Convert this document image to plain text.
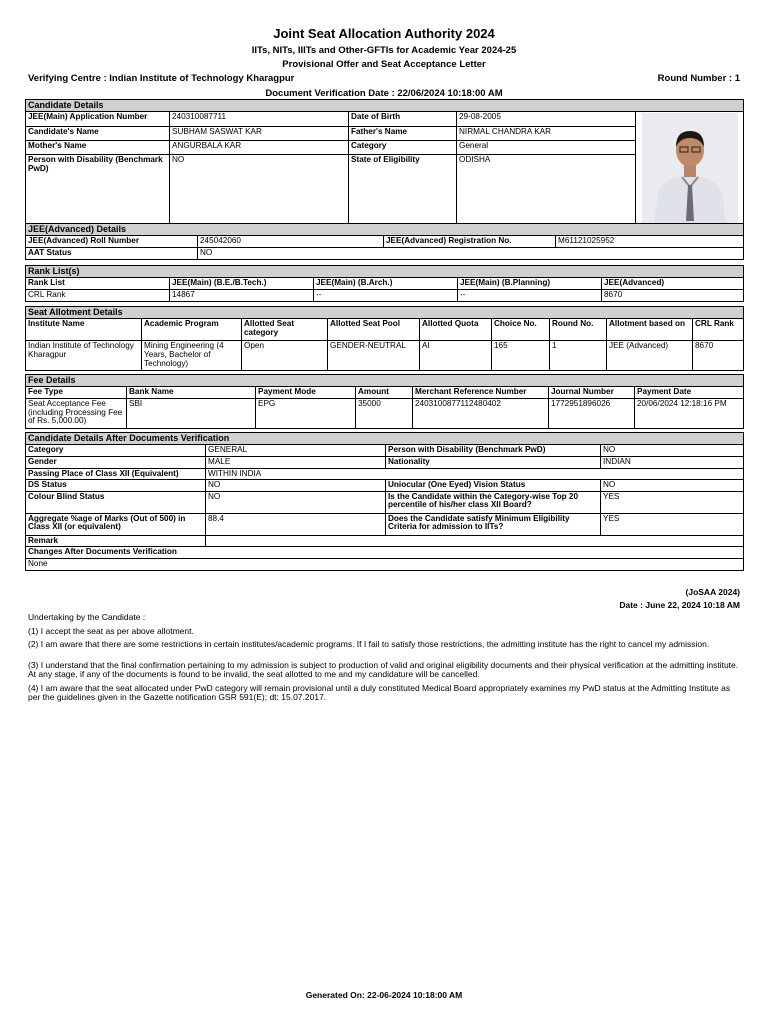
Joint Seat Allocation Authority 2024
IITs, NITs, IIITs and Other-GFTIs for Academic Year 2024-25
Provisional Offer and Seat Acceptance Letter
Verifying Centre : Indian Institute of Technology Kharagpur	Round Number : 1
Document Verification Date : 22/06/2024 10:18:00 AM
Candidate Details				
JEE(Main) Application Number	240310087711	Date of Birth	29-08-2005	

Candidate's Name	SUBHAM SASWAT KAR	Father's Name	NIRMAL CHANDRA KAR	
Mother's Name	ANGURBALA KAR	Category	General	
Person with Disability (Benchmark PwD)	NO	State of Eligibility	ODISHA	
JEE(Advanced) Details			
JEE(Advanced) Roll Number	245042060	JEE(Advanced) Registration No.	M61121025952
AAT Status	NO		
Rank List(s)				
Rank List	JEE(Main) (B.E./B.Tech.)	JEE(Main) (B.Arch.)	JEE(Main) (B.Planning)	JEE(Advanced)
CRL Rank	14867	--	--	8670
Seat Allotment Details								
Institute Name	Academic Program	Allotted Seat category	Allotted Seat Pool	Allotted Quota	Choice No.	Round No.	Allotment based on	CRL Rank
Indian Institute of Technology Kharagpur	Mining Engineering (4 Years, Bachelor of Technology)	Open	GENDER-NEUTRAL	AI	165	1	JEE (Advanced)	8670
Fee Details						
Fee Type	Bank Name	Payment Mode	Amount	Merchant Reference Number	Journal Number	Payment Date
Seat Acceptance Fee (including Processing Fee of Rs. 5,000.00)	SBI	EPG	35000	2403100877112480402	1772951896026	20/06/2024 12:18:16 PM
Candidate Details After Documents Verification			
Category	GENERAL	Person with Disability (Benchmark PwD)	NO
Gender	MALE	Nationality	INDIAN
Passing Place of Class XII (Equivalent)	WITHIN INDIA		
DS Status	NO	Uniocular (One Eyed) Vision Status	NO
Colour Blind Status	NO	Is the Candidate within the Category-wise Top 20 percentile of his/her class XII Board?	YES
Aggregate %age of Marks (Out of 500) in Class XII (or equivalent)	88.4	Does the Candidate satisfy Minimum Eligibility Criteria for admission to IITs?	YES
Remark			
Changes After Documents Verification			
None			
(JoSAA 2024)
Date : June 22, 2024 10:18 AM
Undertaking by the Candidate :
(1) I accept the seat as per above allotment.
(2) I am aware that there are some restrictions in certain institutes/academic programs. If I fail to satisfy those restrictions, the admitting institute has the right to cancel my admission.
(3) I understand that the final confirmation pertaining to my admission is subject to production of valid and original eligibility documents and their physical verification at the admitting institute. At any stage, if any of the documents is found to be invalid, the seat allotted to me and my candidature will be cancelled.
(4) I am aware that the seat allocated under PwD category will remain provisional until a duly constituted Medical Board appropriately examines my PwD status at the Admitting Institute as per the guidelines given in the Gazette notification GSR 591(E); dt: 15.07.2017.
Generated On: 22-06-2024 10:18:00 AM
